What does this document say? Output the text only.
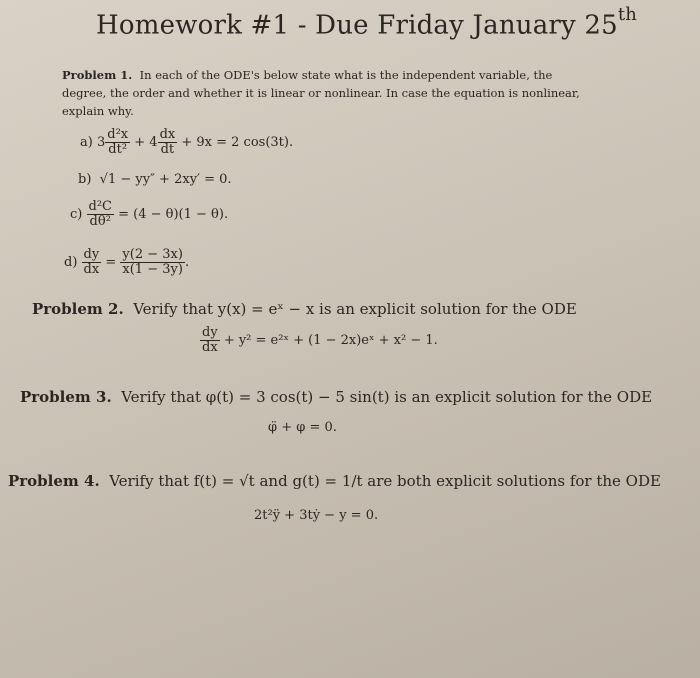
Homework #1 - Due Friday January 25th
Problem 1. In each of the ODE's below state what is the independent variable, the
degree, the order and whether it is linear or nonlinear. In case the equation is nonlinear,
explain why.
a)
$3 \frac{\text{d²x}}{\text{dt²}}$
+ $4 \frac{dx}{dt}$
+ 9x = 2 cos(3t).
b) √1 − yy″ + 2xy′ = 0.
c)
$\frac{\text{d²C}}{\text{dθ²}}$
= (4 − θ)(1 − θ).
d)
$\frac{dy}{dx}$
=
$\frac{y(2 - 3x)}{x(1 - 3y)}$ .
Problem 2. Verify that y(x) = eˣ − x is an explicit solution for the ODE
$\frac{dy}{dx}$
+ y² = e²ˣ + (1 − 2x)eˣ + x² − 1.
Problem 3. Verify that φ(t) = 3 cos(t) − 5 sin(t) is an explicit solution for the ODE
φ̈ + φ = 0.
Problem 4. Verify that f(t) = √t and g(t) = 1/t are both explicit solutions for the ODE
2t²ÿ + 3tẏ − y = 0.
